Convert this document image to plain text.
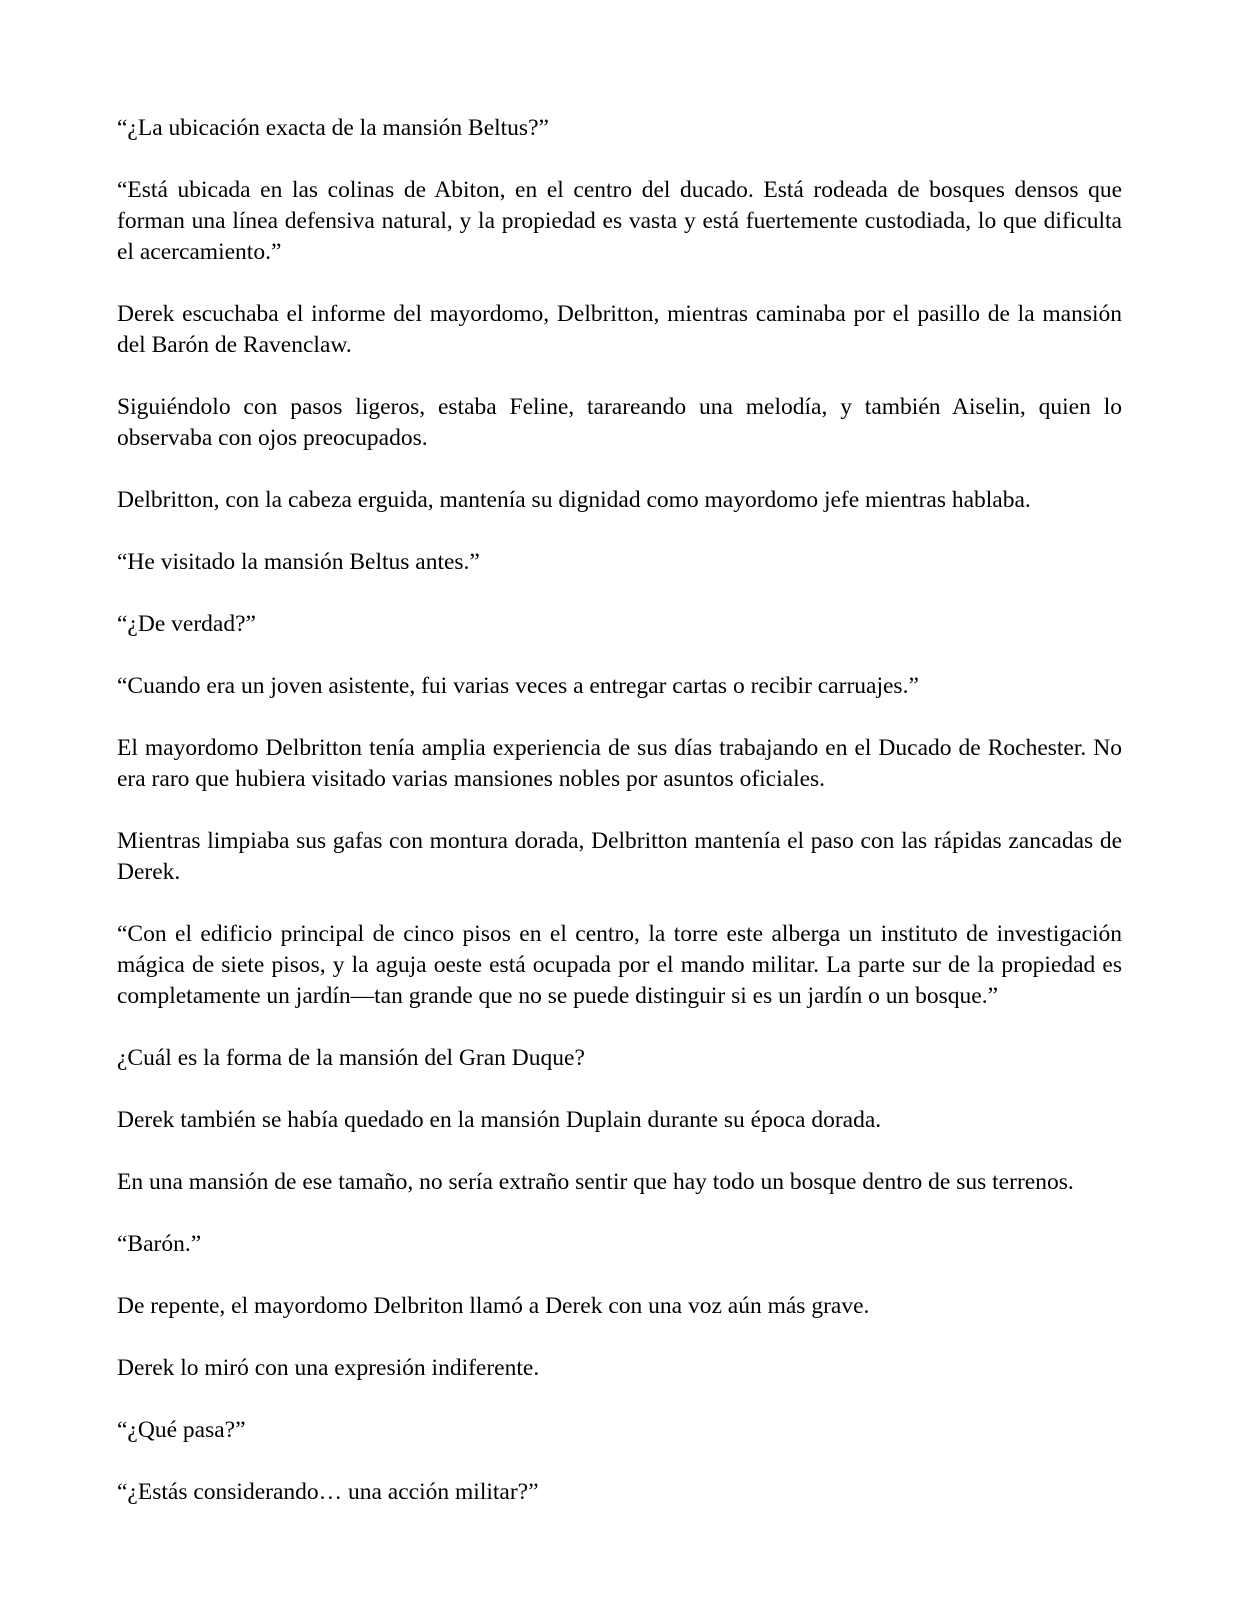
“¿La ubicación exacta de la mansión Beltus?”

“Está ubicada en las colinas de Abiton, en el centro del ducado. Está rodeada de bosques densos que forman una línea defensiva natural, y la propiedad es vasta y está fuertemente custodiada, lo que dificulta el acercamiento.”

Derek escuchaba el informe del mayordomo, Delbritton, mientras caminaba por el pasillo de la mansión del Barón de Ravenclaw.

Siguiéndolo con pasos ligeros, estaba Feline, tarareando una melodía, y también Aiselin, quien lo observaba con ojos preocupados.

Delbritton, con la cabeza erguida, mantenía su dignidad como mayordomo jefe mientras hablaba.

“He visitado la mansión Beltus antes.”

“¿De verdad?”

“Cuando era un joven asistente, fui varias veces a entregar cartas o recibir carruajes.”

El mayordomo Delbritton tenía amplia experiencia de sus días trabajando en el Ducado de Rochester. No era raro que hubiera visitado varias mansiones nobles por asuntos oficiales.

Mientras limpiaba sus gafas con montura dorada, Delbritton mantenía el paso con las rápidas zancadas de Derek.

“Con el edificio principal de cinco pisos en el centro, la torre este alberga un instituto de investigación mágica de siete pisos, y la aguja oeste está ocupada por el mando militar. La parte sur de la propiedad es completamente un jardín—tan grande que no se puede distinguir si es un jardín o un bosque.”

¿Cuál es la forma de la mansión del Gran Duque?

Derek también se había quedado en la mansión Duplain durante su época dorada.

En una mansión de ese tamaño, no sería extraño sentir que hay todo un bosque dentro de sus terrenos.

“Barón.”

De repente, el mayordomo Delbriton llamó a Derek con una voz aún más grave.

Derek lo miró con una expresión indiferente.

“¿Qué pasa?”

“¿Estás considerando… una acción militar?”
